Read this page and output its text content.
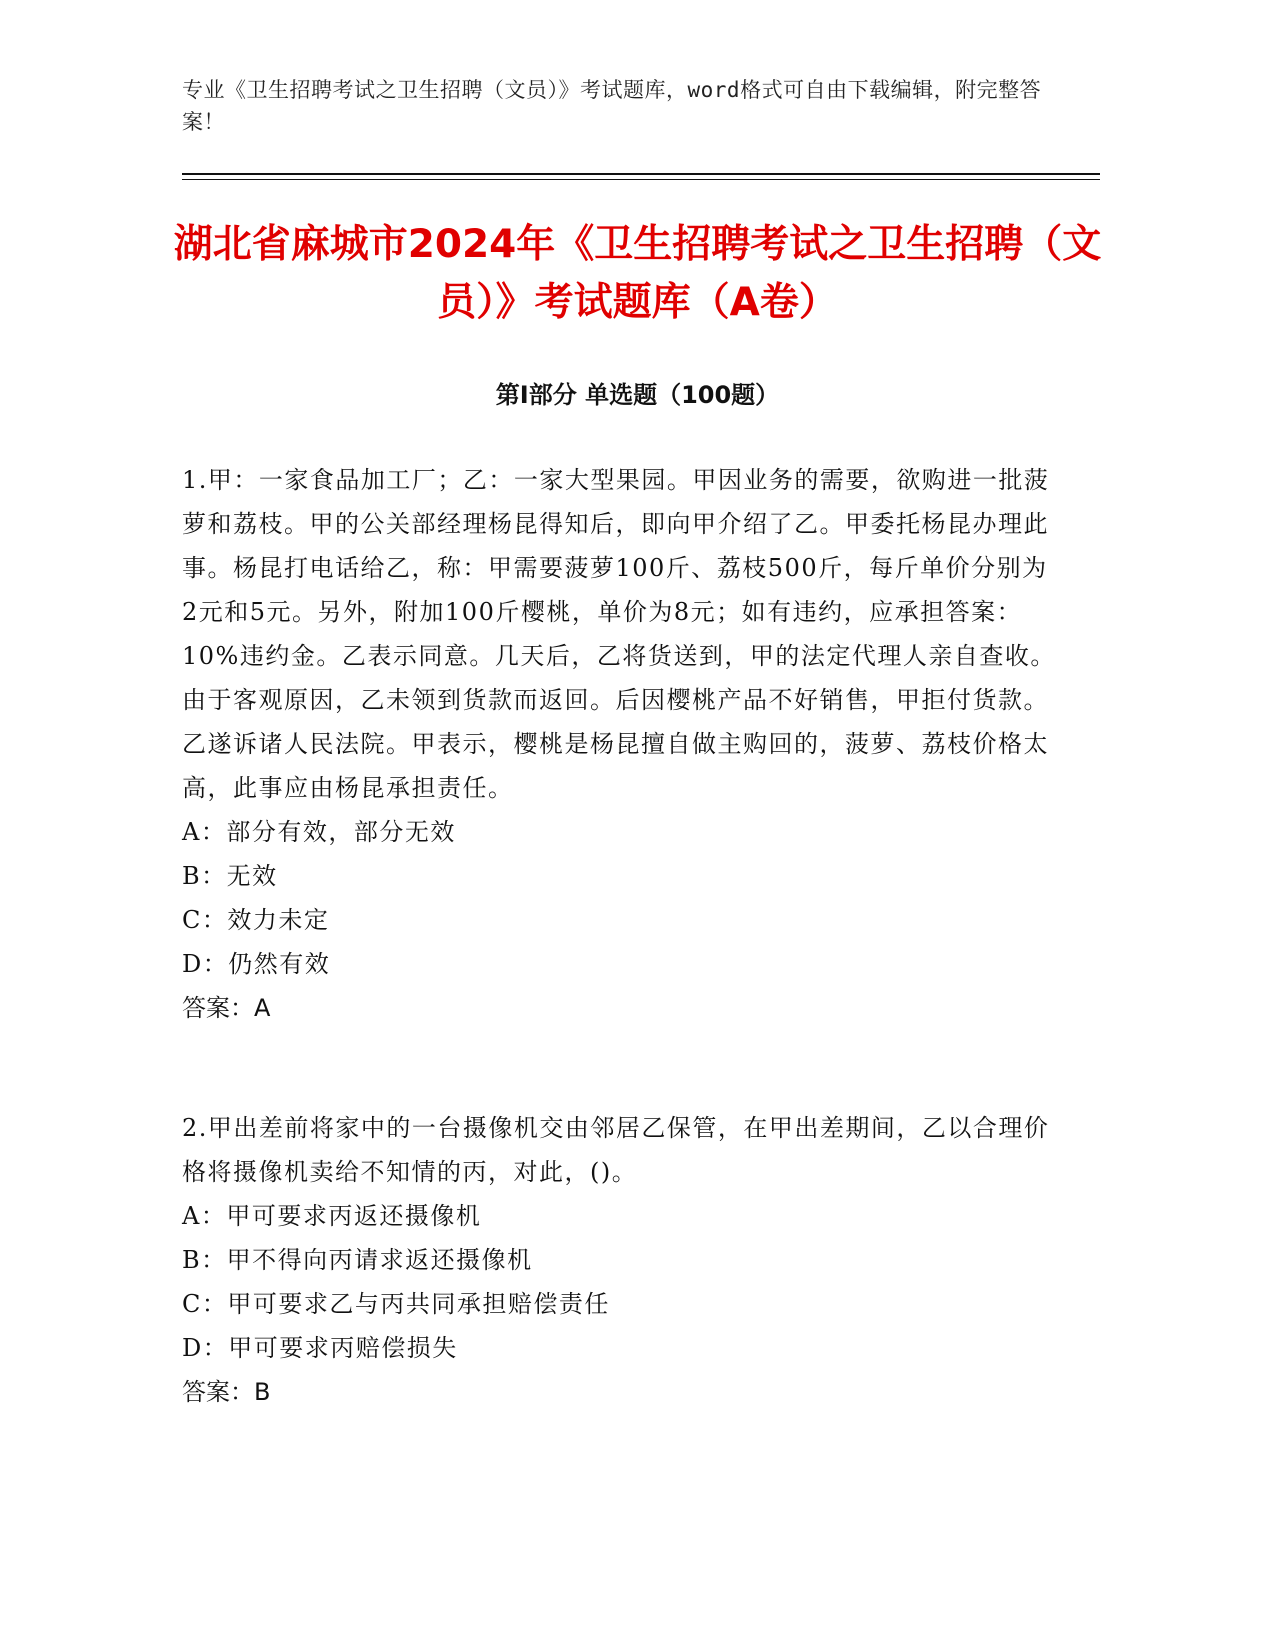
专业《卫生招聘考试之卫生招聘（文员）》考试题库，word格式可自由下载编辑，附完整答案！
湖北省麻城市2024年《卫生招聘考试之卫生招聘（文员）》考试题库（A卷）
第Ⅰ部分 单选题（100题）

1.甲：一家食品加工厂；乙：一家大型果园。甲因业务的需要，欲购进一批菠萝和荔枝。甲的公关部经理杨昆得知后，即向甲介绍了乙。甲委托杨昆办理此事。杨昆打电话给乙，称：甲需要菠萝100斤、荔枝500斤，每斤单价分别为2元和5元。另外，附加100斤樱桃，单价为8元；如有违约，应承担答案：10%违约金。乙表示同意。几天后，乙将货送到，甲的法定代理人亲自查收。由于客观原因，乙未领到货款而返回。后因樱桃产品不好销售，甲拒付货款。乙遂诉诸人民法院。甲表示，樱桃是杨昆擅自做主购回的，菠萝、荔枝价格太高，此事应由杨昆承担责任。

A：部分有效，部分无效

B：无效

C：效力未定

D：仍然有效

答案：A

2.甲出差前将家中的一台摄像机交由邻居乙保管，在甲出差期间，乙以合理价格将摄像机卖给不知情的丙，对此，()。

A：甲可要求丙返还摄像机

B：甲不得向丙请求返还摄像机

C：甲可要求乙与丙共同承担赔偿责任

D：甲可要求丙赔偿损失

答案：B
